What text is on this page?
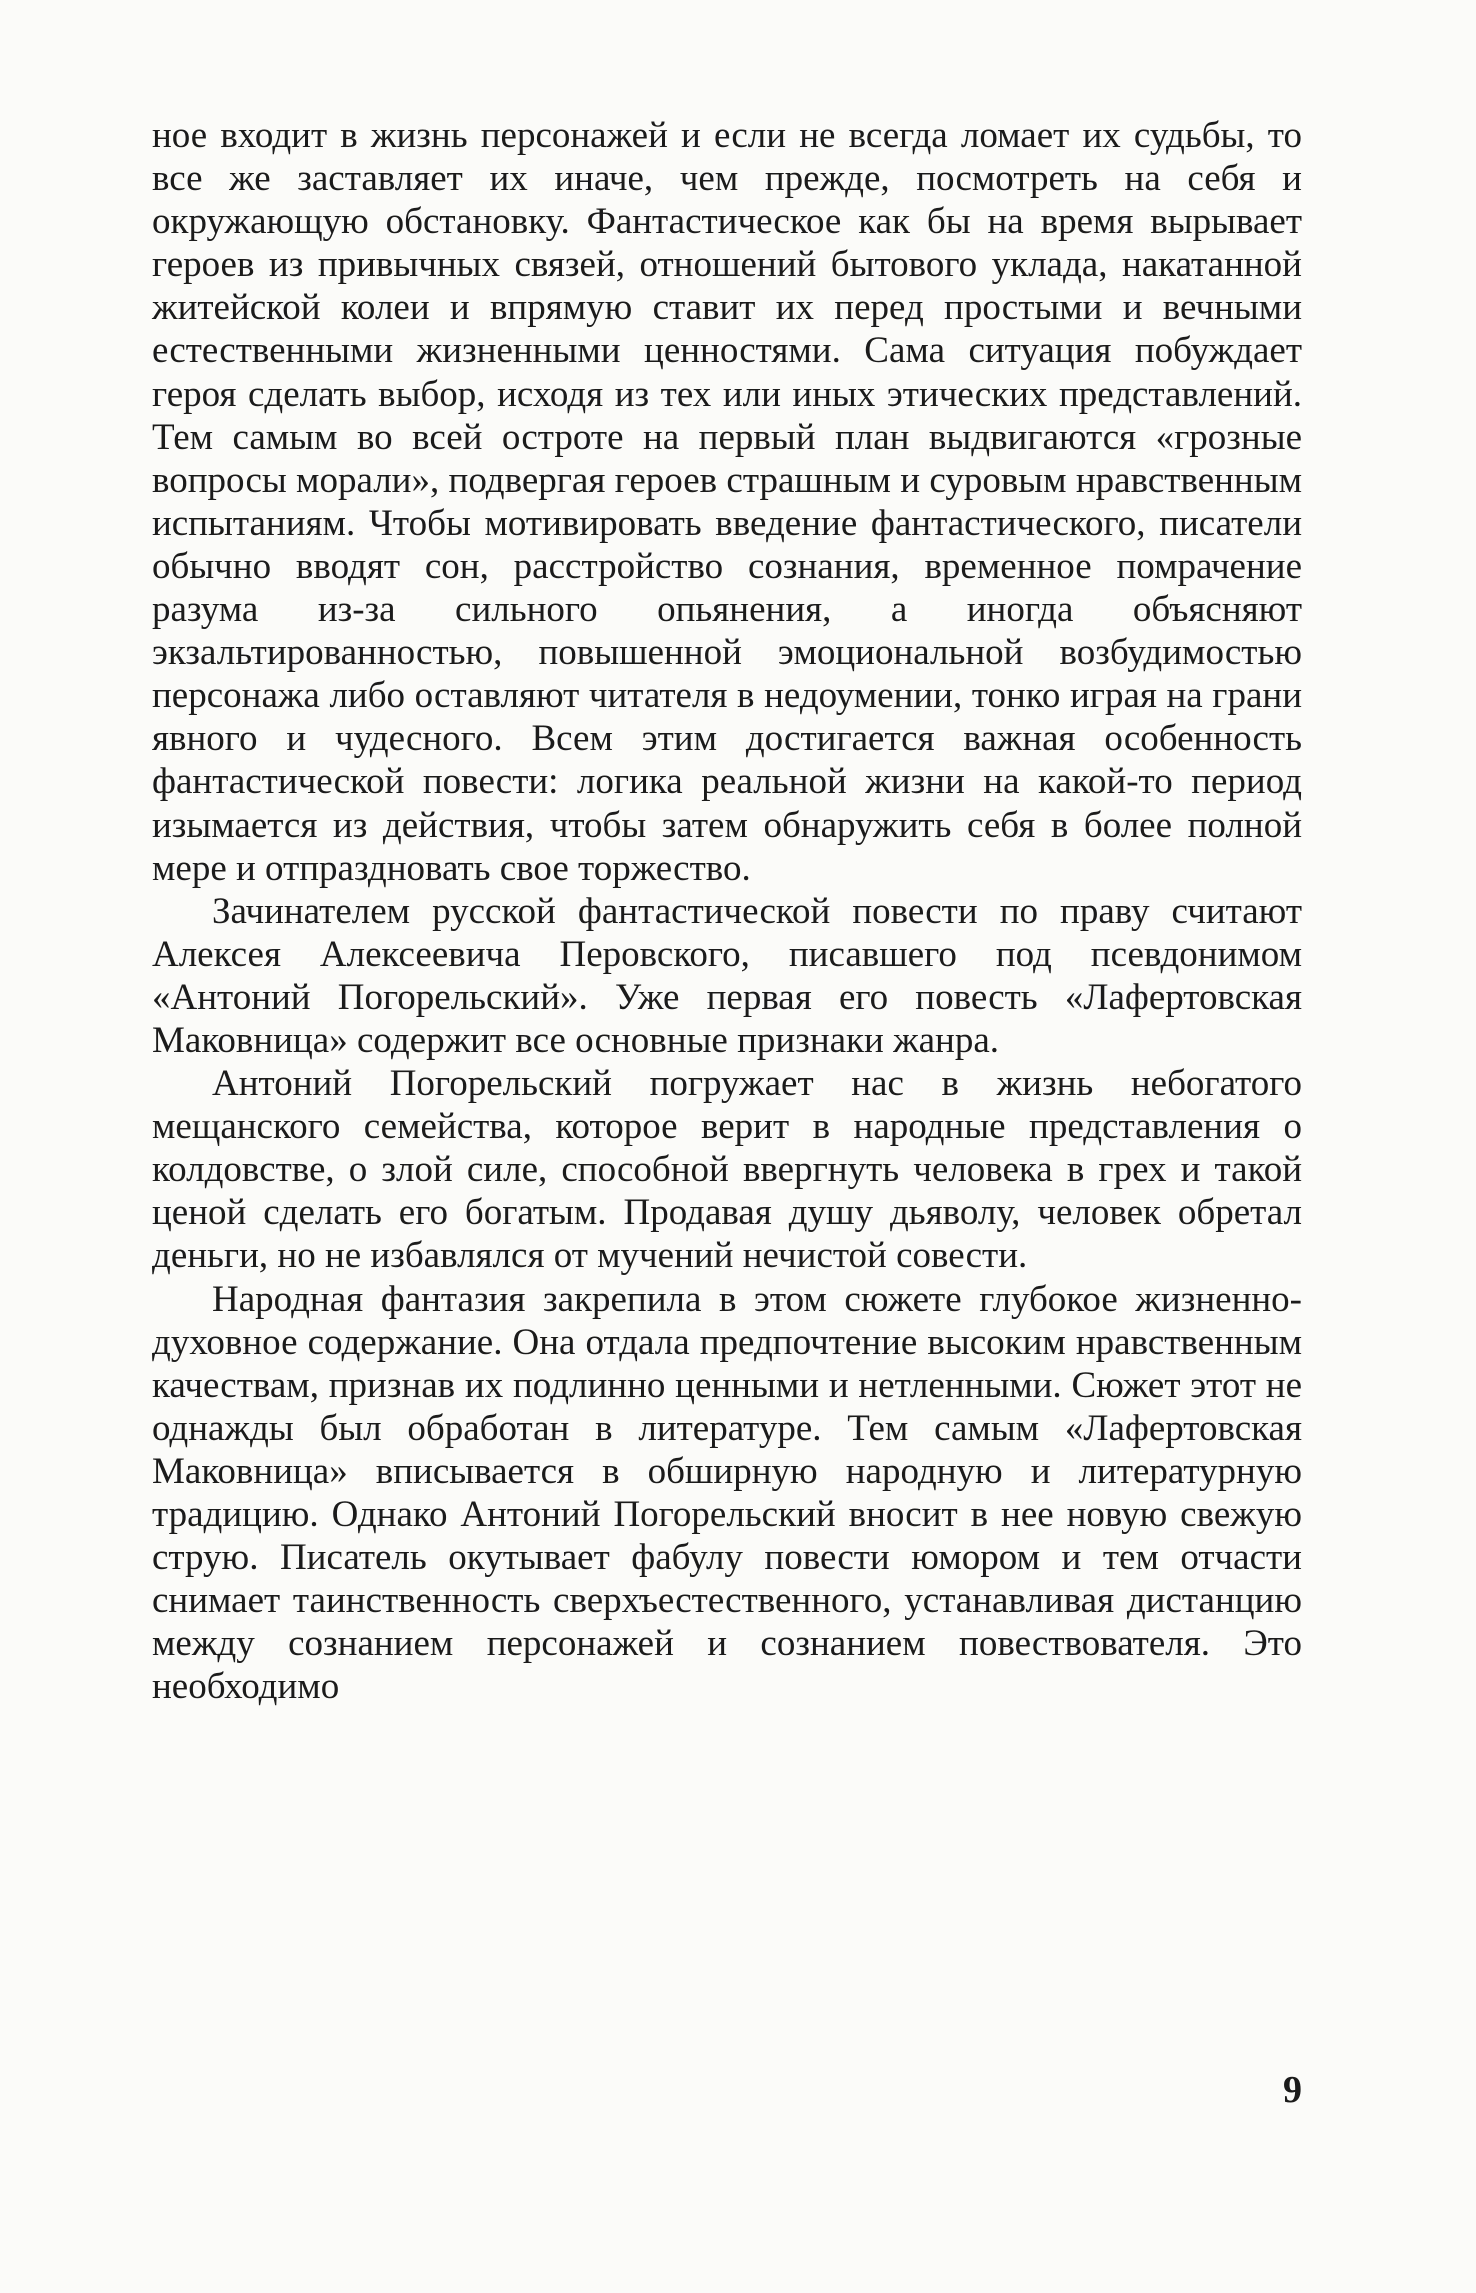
ное входит в жизнь персонажей и если не всегда ломает их судьбы, то все же заставляет их иначе, чем прежде, посмотреть на себя и окружающую обстановку. Фантастическое как бы на время вырывает героев из привычных связей, отношений бытового уклада, накатанной житейской колеи и впрямую ставит их перед простыми и вечными естественными жизненными ценностями. Сама ситуация побуждает героя сделать выбор, исходя из тех или иных этических представлений. Тем самым во всей остроте на первый план выдвигаются «грозные вопросы морали», подвергая героев страшным и суровым нравственным испытаниям. Чтобы мотивировать введение фантастического, писатели обычно вводят сон, расстройство сознания, временное помрачение разума из-за сильного опьянения, а иногда объясняют экзальтированностью, повышенной эмоциональной возбудимостью персонажа либо оставляют читателя в недоумении, тонко играя на грани явного и чудесного. Всем этим достигается важная особенность фантастической повести: логика реальной жизни на какой-то период изымается из действия, чтобы затем обнаружить себя в более полной мере и отпраздновать свое торжество.

Зачинателем русской фантастической повести по праву считают Алексея Алексеевича Перовского, писавшего под псевдонимом «Антоний Погорельский». Уже первая его повесть «Лафертовская Маковница» содержит все основные признаки жанра.

Антоний Погорельский погружает нас в жизнь небогатого мещанского семейства, которое верит в народные представления о колдовстве, о злой силе, способной ввергнуть человека в грех и такой ценой сделать его богатым. Продавая душу дьяволу, человек обретал деньги, но не избавлялся от мучений нечистой совести.

Народная фантазия закрепила в этом сюжете глубокое жизненно-духовное содержание. Она отдала предпочтение высоким нравственным качествам, признав их подлинно ценными и нетленными. Сюжет этот не однажды был обработан в литературе. Тем самым «Лафертовская Маковница» вписывается в обширную народную и литературную традицию. Однако Антоний Погорельский вносит в нее новую свежую струю. Писатель окутывает фабулу повести юмором и тем отчасти снимает таинственность сверхъестественного, устанавливая дистанцию между сознанием персонажей и сознанием повествователя. Это необходимо

9
